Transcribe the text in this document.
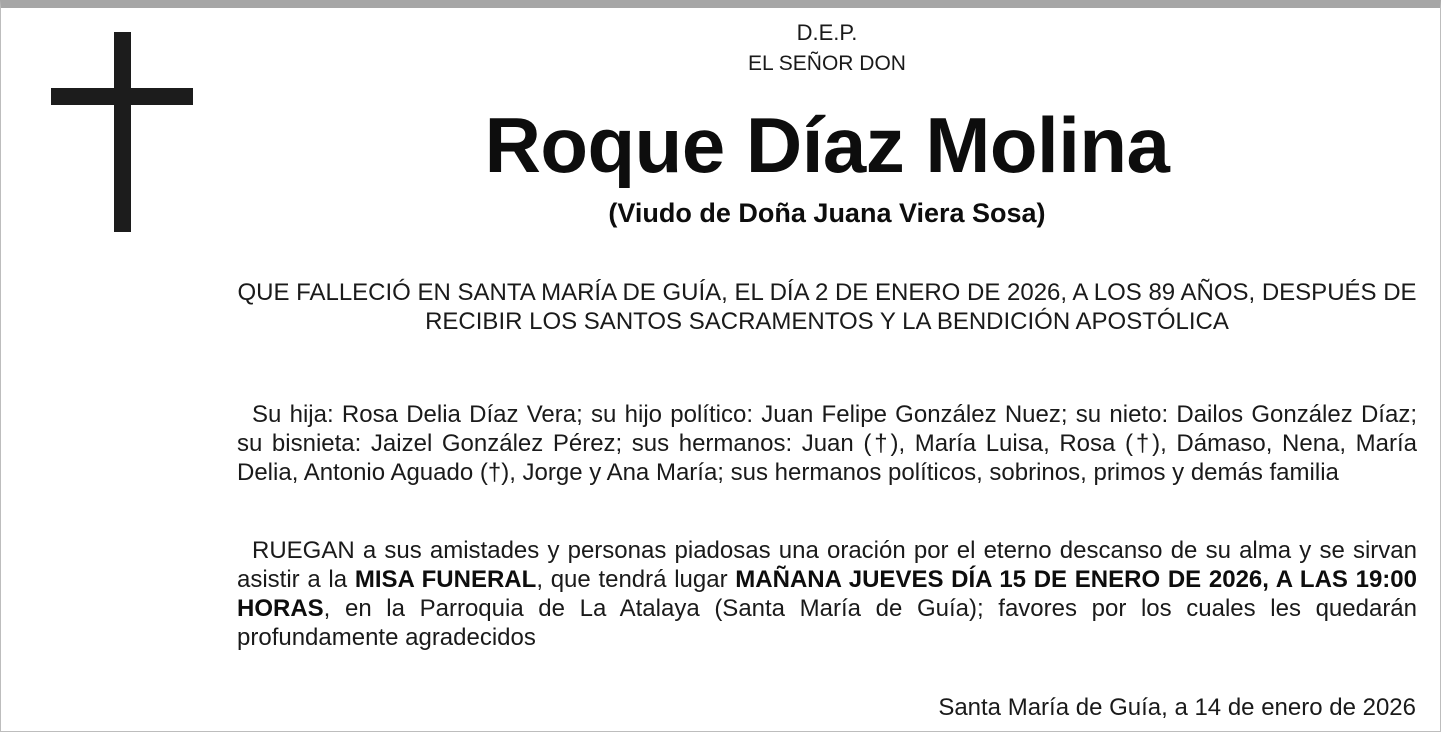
D.E.P.
EL SEÑOR DON
Roque Díaz Molina
(Viudo de Doña Juana Viera Sosa)
QUE FALLECIÓ EN SANTA MARÍA DE GUÍA, EL DÍA 2 DE ENERO DE 2026, A LOS 89 AÑOS, DESPUÉS DE RECIBIR LOS SANTOS SACRAMENTOS Y LA BENDICIÓN APOSTÓLICA
Su hija: Rosa Delia Díaz Vera; su hijo político: Juan Felipe González Nuez; su nieto: Dailos González Díaz; su bisnieta: Jaizel González Pérez; sus hermanos: Juan (†), María Luisa, Rosa (†), Dámaso, Nena, María Delia, Antonio Aguado (†), Jorge y Ana María; sus hermanos políticos, sobrinos, primos y demás familia
RUEGAN a sus amistades y personas piadosas una oración por el eterno descanso de su alma y se sirvan asistir a la MISA FUNERAL, que tendrá lugar MAÑANA JUEVES DÍA 15 DE ENERO DE 2026, A LAS 19:00 HORAS, en la Parroquia de La Atalaya (Santa María de Guía); favores por los cuales les quedarán profundamente agradecidos
Santa María de Guía, a 14 de enero de 2026
